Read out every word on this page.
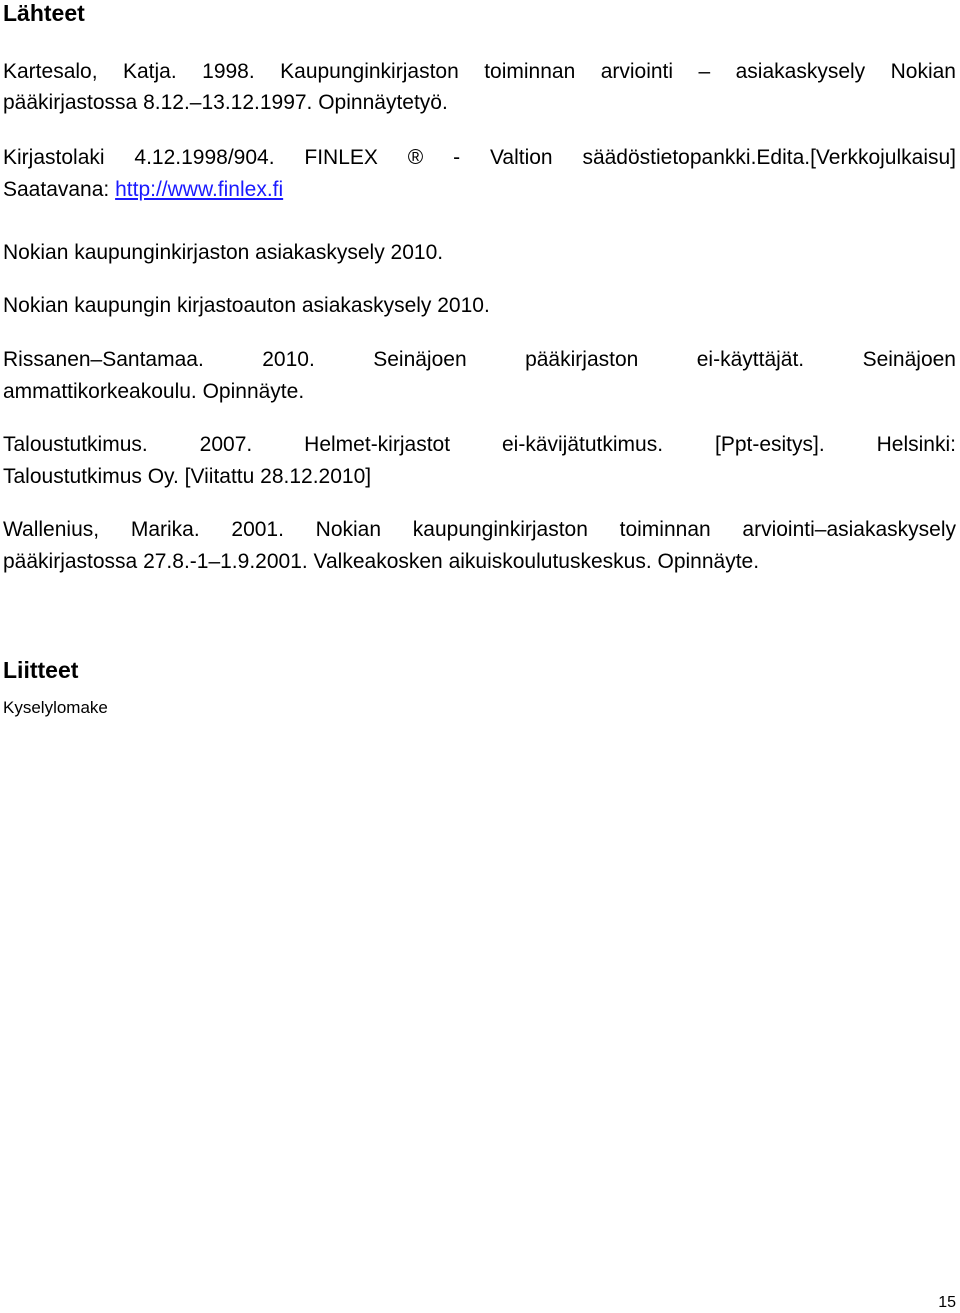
Lähteet
Kartesalo, Katja. 1998. Kaupunginkirjaston toiminnan arviointi – asiakaskysely Nokian
pääkirjastossa 8.12.–13.12.1997. Opinnäytetyö.
Kirjastolaki 4.12.1998/904. FINLEX ® - Valtion säädöstietopankki.Edita.[Verkkojulkaisu]
Saatavana: http://www.finlex.fi
Nokian kaupunginkirjaston asiakaskysely 2010.
Nokian kaupungin kirjastoauton asiakaskysely 2010.
Rissanen–Santamaa. 2010. Seinäjoen pääkirjaston ei-käyttäjät. Seinäjoen
ammattikorkeakoulu. Opinnäyte.
Taloustutkimus. 2007. Helmet-kirjastot ei-kävijätutkimus. [Ppt-esitys]. Helsinki:
Taloustutkimus Oy. [Viitattu 28.12.2010]
Wallenius, Marika. 2001. Nokian kaupunginkirjaston toiminnan arviointi–asiakaskysely
pääkirjastossa 27.8.-1–1.9.2001. Valkeakosken aikuiskoulutuskeskus. Opinnäyte.
Liitteet
Kyselylomake
15
